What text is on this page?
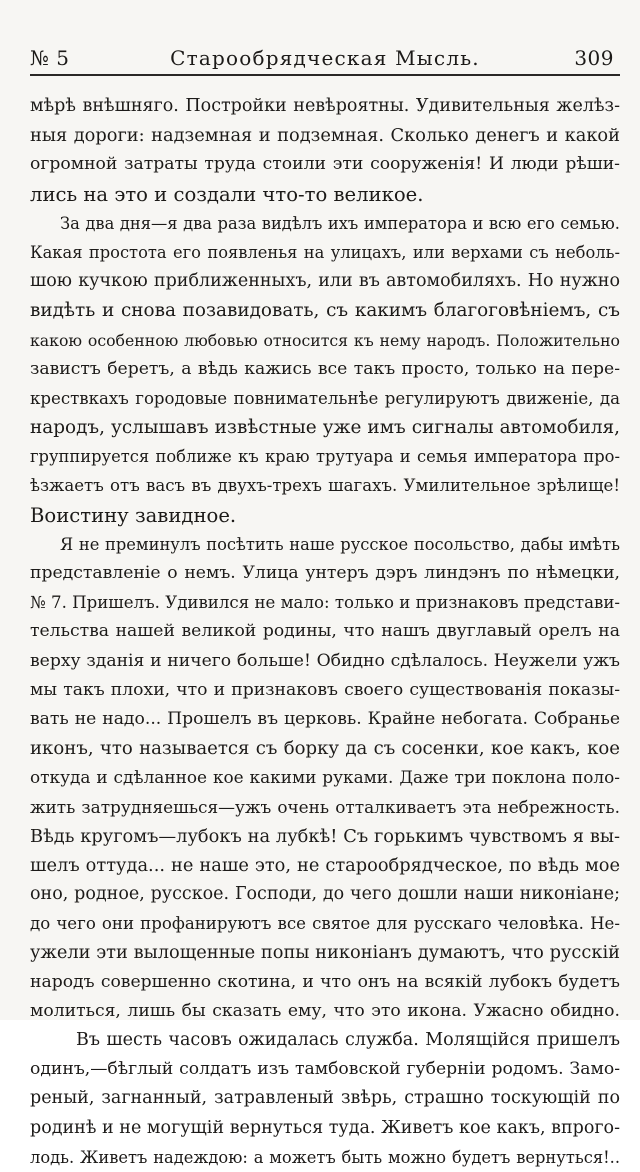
№ 5	Старообрядческая Мысль.	309
мѣрѣ внѣшняго. Постройки невѣроятны. Удивительныя желѣз-
ныя дороги: надземная и подземная. Сколько денегъ и какой
огромной затраты труда стоили эти сооруженія! И люди рѣши-
лись на это и создали что-то великое.
За два дня—я два раза видѣлъ ихъ императора и всю его семью.
Какая простота его появленья на улицахъ, или верхами съ неболь-
шою кучкою приближенныхъ, или въ автомобиляхъ. Но нужно
видѣть и снова позавидовать, съ какимъ благоговѣніемъ, съ
какою особенною любовью относится къ нему народъ. Положительно
завистъ беретъ, а вѣдь кажись все такъ просто, только на пере-
крествкахъ городовые повнимательнѣе регулируютъ движеніе, да
народъ, услышавъ извѣстные уже имъ сигналы автомобиля,
группируется поближе къ краю трутуара и семья императора про-
ѣзжаетъ отъ васъ въ двухъ-трехъ шагахъ. Умилительное зрѣлище!
Воистину завидное.
Я не преминулъ посѣтить наше русское посольство, дабы имѣть
представленіе о немъ. Улица унтеръ дэръ линдэнъ по нѣмецки,
№ 7. Пришелъ. Удивился не мало: только и признаковъ представи-
тельства нашей великой родины, что нашъ двуглавый орелъ на
верху зданія и ничего больше! Обидно сдѣлалось. Неужели ужъ
мы такъ плохи, что и признаковъ своего существованія показы-
вать не надо... Прошелъ въ церковь. Крайне небогата. Собранье
иконъ, что называется съ борку да съ сосенки, кое какъ, кое
откуда и сдѣланное кое какими руками. Даже три поклона поло-
жить затрудняешься—ужъ очень отталкиваетъ эта небрежность.
Вѣдь кругомъ—лубокъ на лубкѣ! Съ горькимъ чувствомъ я вы-
шелъ оттуда... не наше это, не старообрядческое, по вѣдь мое
оно, родное, русское. Господи, до чего дошли наши никоніане;
до чего они профанируютъ все святое для русскаго человѣка. Не-
ужели эти вылощенные попы никоніанъ думаютъ, что русскій
народъ совершенно скотина, и что онъ на всякій лубокъ будетъ
молиться, лишь бы сказать ему, что это икона. Ужасно обидно.
Въ шесть часовъ ожидалась служба. Молящійся пришелъ
одинъ,—бѣглый солдатъ изъ тамбовской губерніи родомъ. Замо-
реный, загнанный, затравленый звѣрь, страшно тоскующій по
родинѣ и не могущій вернуться туда. Живетъ кое какъ, впрого-
лодь. Живетъ надеждою: а можетъ быть можно будетъ вернуться!..
